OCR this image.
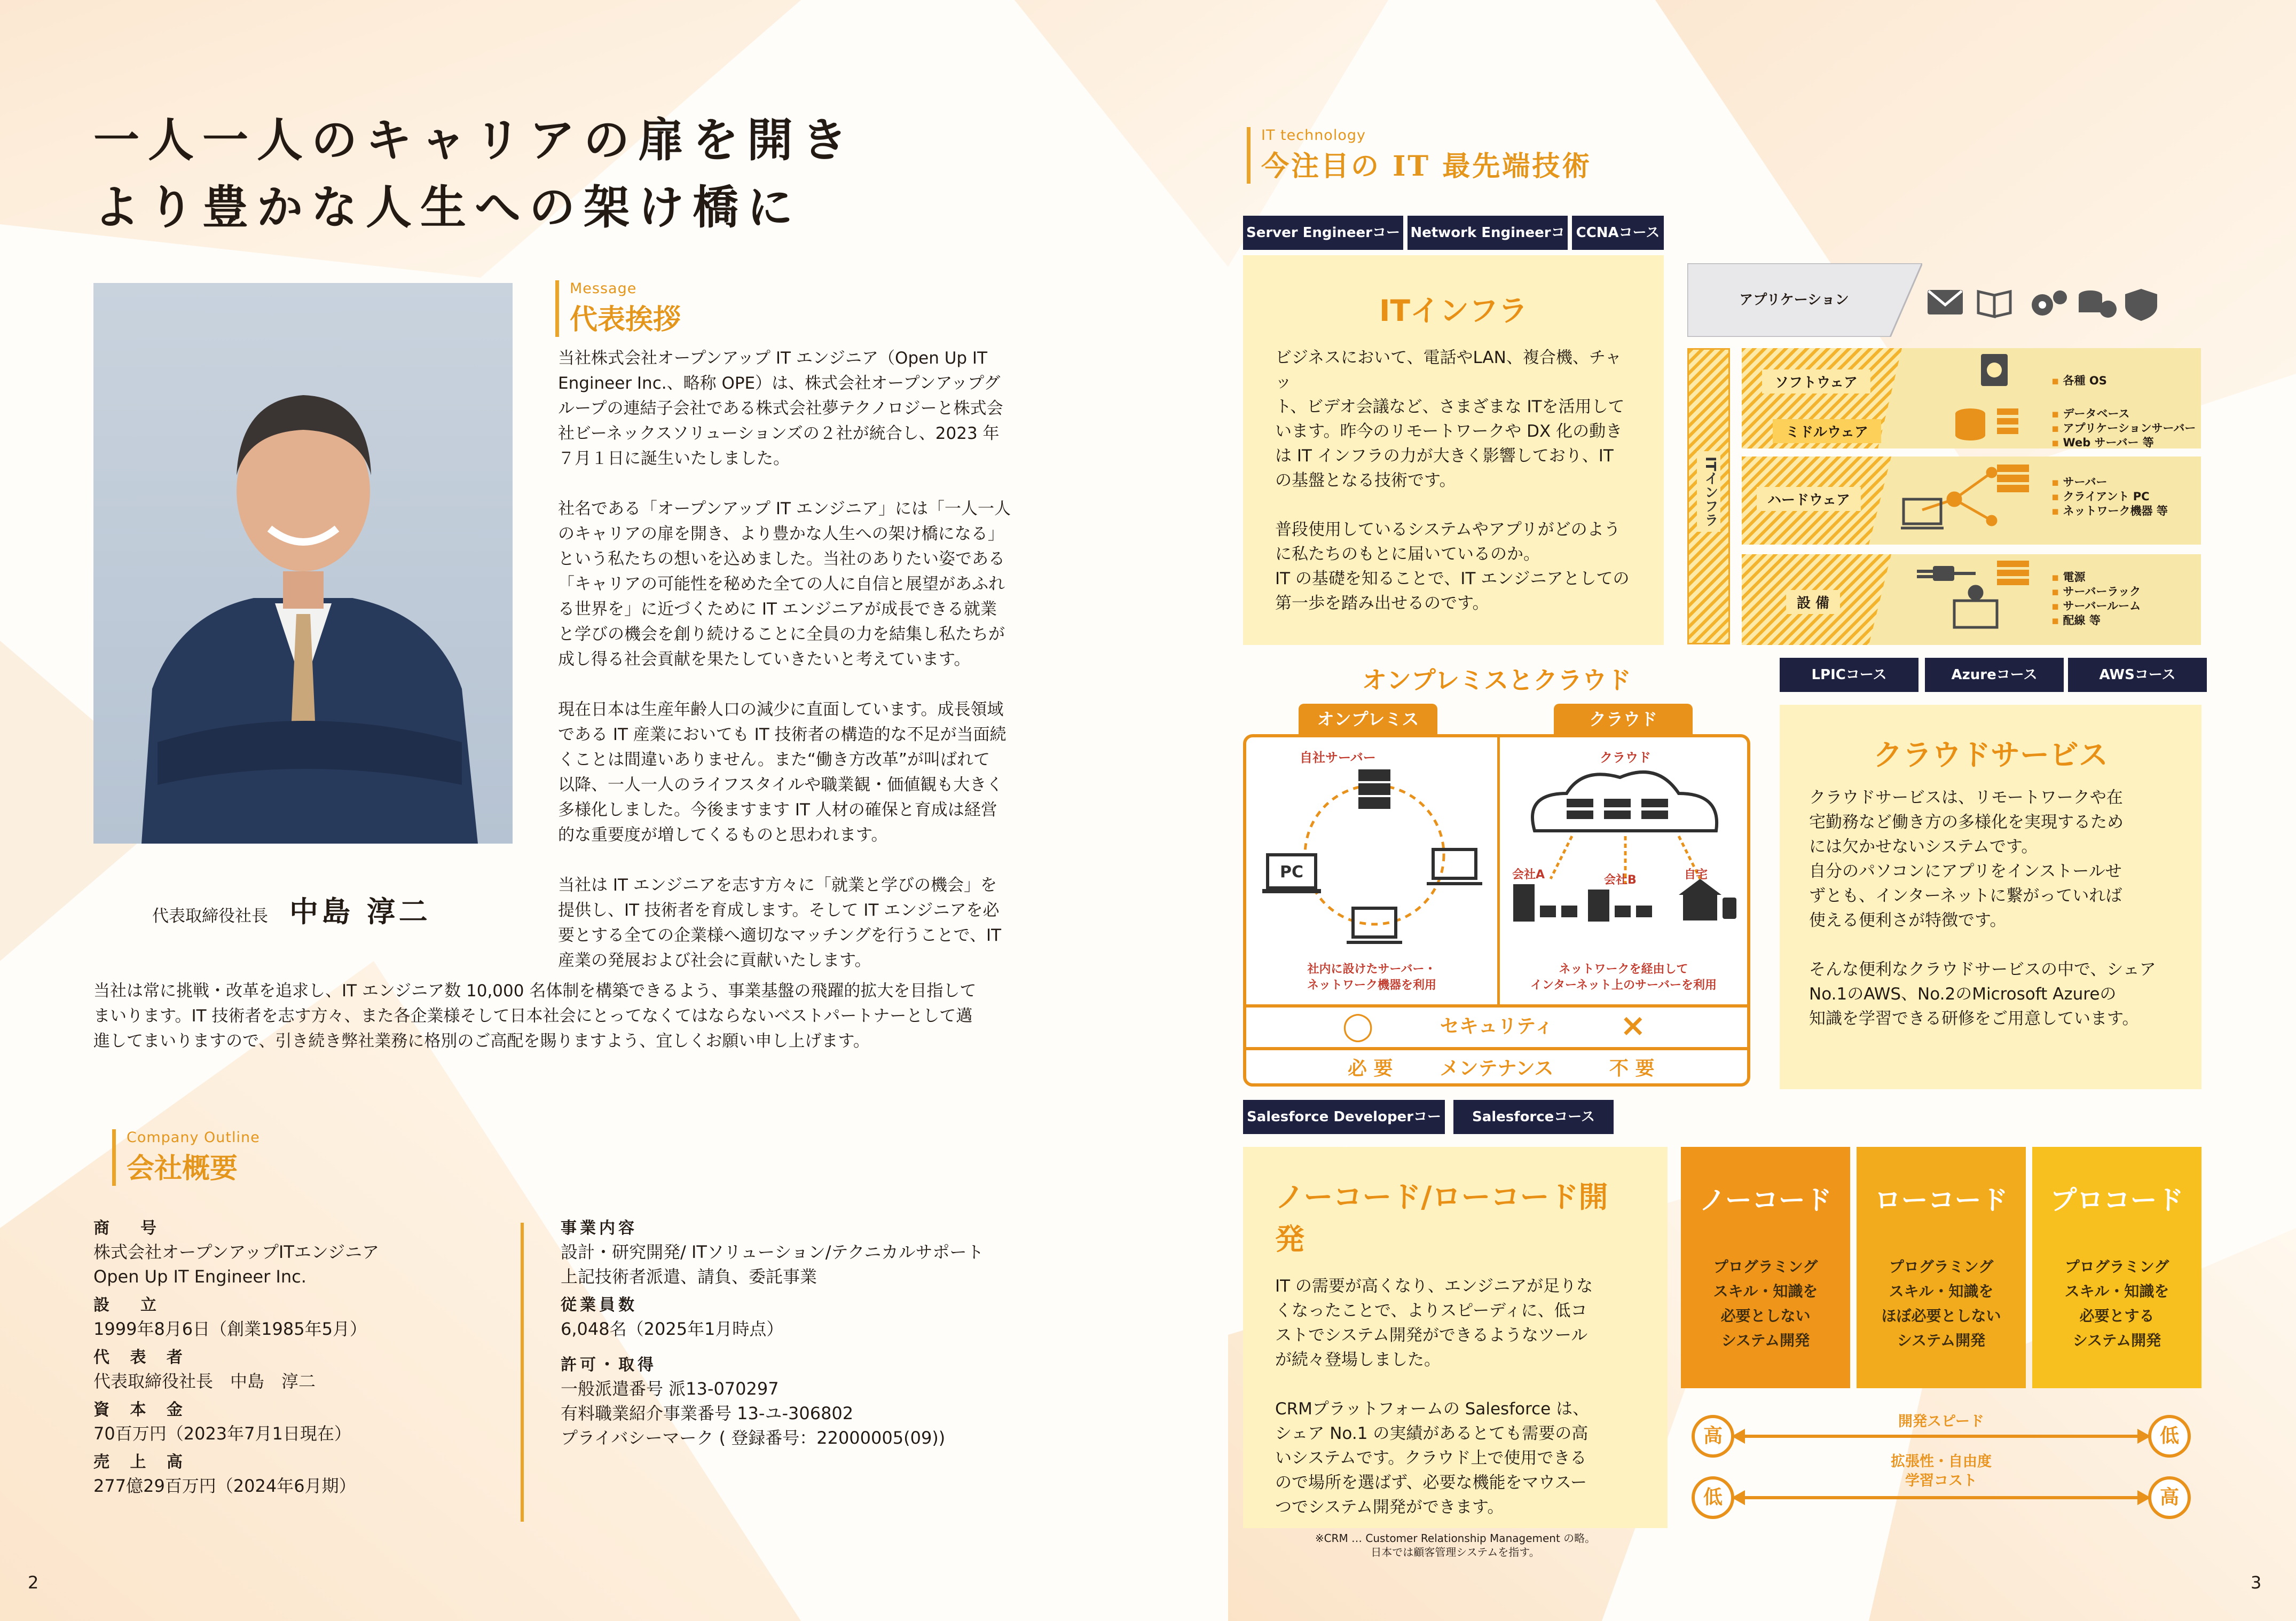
一人一人のキャリアの扉を開き
より豊かな人生への架け橋に
Message
代表挨拶

当社株式会社オープンアップ IT エンジニア（Open Up IT
Engineer Inc.、略称 OPE）は、株式会社オープンアップグ
ループの連結子会社である株式会社夢テクノロジーと株式会
社ビーネックスソリューションズの２社が統合し、2023 年
７月１日に誕生いたしました。

社名である「オープンアップ IT エンジニア」には「一人一人
のキャリアの扉を開き、より豊かな人生への架け橋になる」
という私たちの想いを込めました。当社のありたい姿である
「キャリアの可能性を秘めた全ての人に自信と展望があふれ
る世界を」に近づくために IT エンジニアが成長できる就業
と学びの機会を創り続けることに全員の力を結集し私たちが
成し得る社会貢献を果たしていきたいと考えています。

現在日本は生産年齢人口の減少に直面しています。成長領域
である IT 産業においても IT 技術者の構造的な不足が当面続
くことは間違いありません。また“働き方改革”が叫ばれて
以降、一人一人のライフスタイルや職業観・価値観も大きく
多様化しました。今後ますます IT 人材の確保と育成は経営
的な重要度が増してくるものと思われます。

当社は IT エンジニアを志す方々に「就業と学びの機会」を
提供し、IT 技術者を育成します。そして IT エンジニアを必
要とする全ての企業様へ適切なマッチングを行うことで、IT
産業の発展および社会に貢献いたします。

代表取締役社長 中島 淳二
当社は常に挑戦・改革を追求し、IT エンジニア数 10,000 名体制を構築できるよう、事業基盤の飛躍的拡大を目指して
まいります。IT 技術者を志す方々、また各企業様そして日本社会にとってなくてはならないベストパートナーとして邁
進してまいりますので、引き続き弊社業務に格別のご高配を賜りますよう、宜しくお願い申し上げます。
Company Outline
会社概要
商　号
株式会社オープンアップITエンジニア
Open Up IT Engineer Inc.
設　立
1999年8月6日（創業1985年5月）
代 表 者
代表取締役社長　中島　淳二
資 本 金
70百万円（2023年7月1日現在）
売 上 高
277億29百万円（2024年6月期）
事業内容
設計・研究開発/ ITソリューション/テクニカルサポート
上記技術者派遣、請負、委託事業
従業員数
6,048名（2025年1月時点）
許可・取得
一般派遣番号 派13-070297
有料職業紹介事業番号 13-ユ-306802
プライバシーマーク ( 登録番号：22000005(09))
2
IT technology
今注目の IT 最先端技術
Server Engineerコー Network Engineerコ CCNAコース
ITインフラ
ビジネスにおいて、電話やLAN、複合機、チャッ
ト、ビデオ会議など、さまざまな ITを活用して
います。昨今のリモートワークや DX 化の動き
は IT インフラの力が大きく影響しており、IT
の基盤となる技術です。
普段使用しているシステムやアプリがどのよう
に私たちのもとに届いているのか。
IT の基礎を知ることで、IT エンジニアとしての
第一歩を踏み出せるのです。
アプリケーション
ITインフラ
ソフトウェア
ミドルウェア
ハードウェア
設 備
▪ 各種 OS
▪ データベース
▪ アプリケーションサーバー
▪ Web サーバー 等
▪ サーバー
▪ クライアント PC
▪ ネットワーク機器 等
▪ 電源
▪ サーバーラック
▪ サーバールーム
▪ 配線 等
LPICコース	Azureコース	AWSコース
オンプレミスとクラウド
オンプレミス	クラウド
自社サーバー	クラウド
PC	会社A	会社B	自宅
社内に設けたサーバー・
ネットワーク機器を利用
ネットワークを経由して
インターネット上のサーバーを利用
◯	セキュリティ	×
必 要	メンテナンス	不 要
クラウドサービス
クラウドサービスは、リモートワークや在
宅勤務など働き方の多様化を実現するため
には欠かせないシステムです。
自分のパソコンにアプリをインストールせ
ずとも、インターネットに繋がっていれば
使える便利さが特徴です。
そんな便利なクラウドサービスの中で、シェア
No.1のAWS、No.2のMicrosoft Azureの
知識を学習できる研修をご用意しています。
Salesforce Developerコー	Salesforceコース
ノーコード/ローコード開発
IT の需要が高くなり、エンジニアが足りな
くなったことで、よりスピーディに、低コ
ストでシステム開発ができるようなツール
が続々登場しました。
CRMプラットフォームの Salesforce は、
シェア No.1 の実績があるとても需要の高
いシステムです。クラウド上で使用できる
ので場所を選ばず、必要な機能をマウスー
つでシステム開発ができます。
※CRM … Customer Relationship Management の略。
日本では顧客管理システムを指す。
ノーコード
プログラミング
スキル・知識を
必要としない
システム開発
ローコード
プログラミング
スキル・知識を
ほぼ必要としない
システム開発
プロコード
プログラミング
スキル・知識を
必要とする
システム開発
高	低
低	高
開発スピード
拡張性・自由度
学習コスト
3
